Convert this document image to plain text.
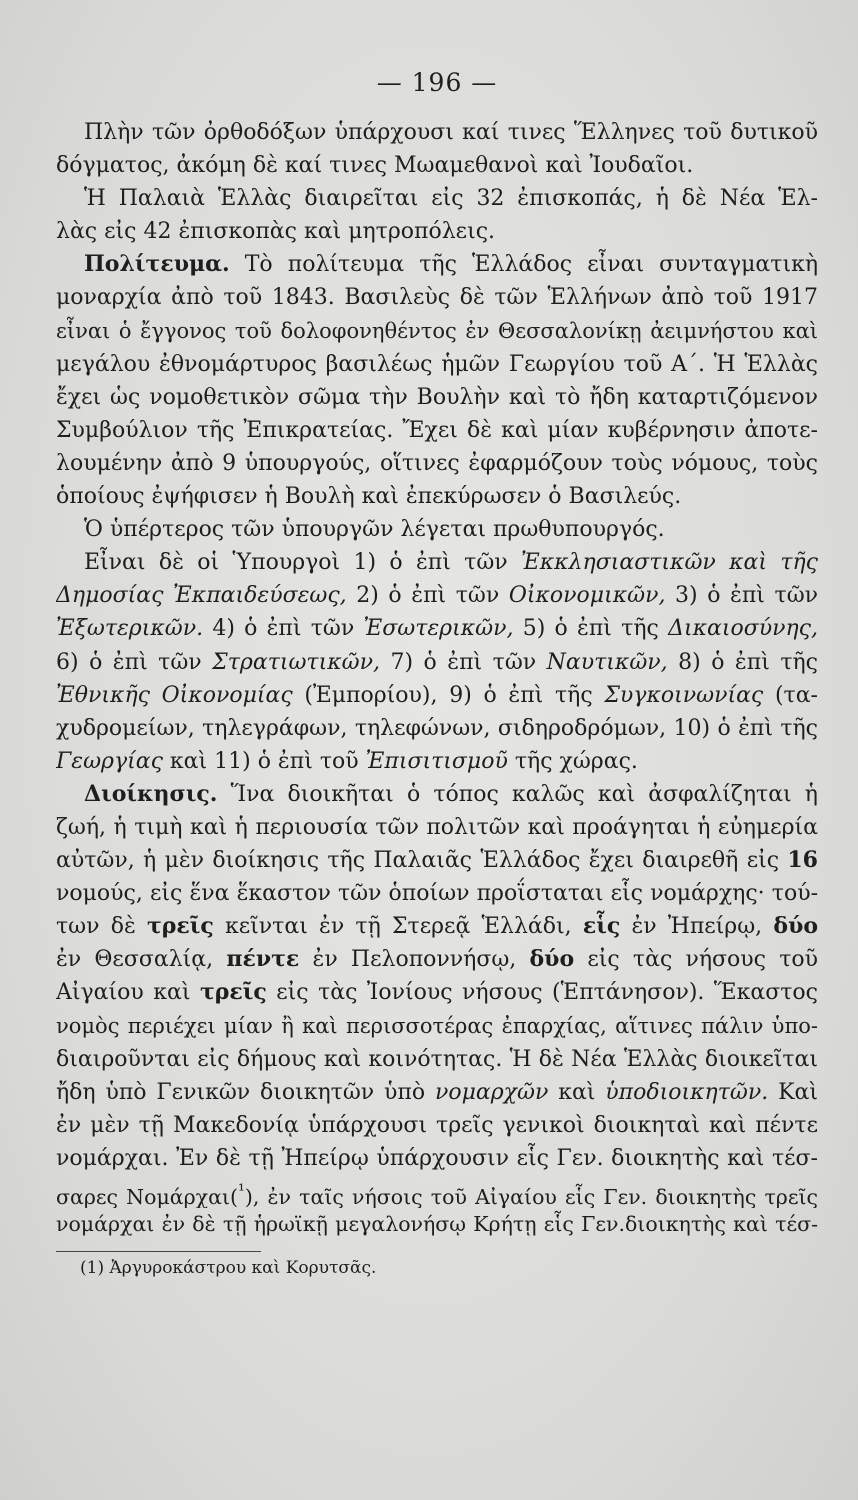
— 196 —
Πλὴν τῶν ὀρθοδόξων ὑπάρχουσι καί τινες Ἕλληνες τοῦ δυτικοῦ
δόγματος, ἀκόμη δὲ καί τινες Μωαμεθανοὶ καὶ Ἰουδαῖοι.
Ἡ Παλαιὰ Ἑλλὰς διαιρεῖται εἰς 32 ἐπισκοπάς, ἡ δὲ Νέα Ἑλ-
λὰς εἰς 42 ἐπισκοπὰς καὶ μητροπόλεις.
Πολίτευμα. Τὸ πολίτευμα τῆς Ἑλλάδος εἶναι συνταγματικὴ
μοναρχία ἀπὸ τοῦ 1843. Βασιλεὺς δὲ τῶν Ἑλλήνων ἀπὸ τοῦ 1917
εἶναι ὁ ἔγγονος τοῦ δολοφονηθέντος ἐν Θεσσαλονίκῃ ἀειμνήστου καὶ
μεγάλου ἐθνομάρτυρος βασιλέως ἡμῶν Γεωργίου τοῦ Α΄. Ἡ Ἑλλὰς
ἔχει ὡς νομοθετικὸν σῶμα τὴν Βουλὴν καὶ τὸ ἤδη καταρτιζόμενον
Συμβούλιον τῆς Ἐπικρατείας. Ἔχει δὲ καὶ μίαν κυβέρνησιν ἀποτε-
λουμένην ἀπὸ 9 ὑπουργούς, οἵτινες ἐφαρμόζουν τοὺς νόμους, τοὺς
ὁποίους ἐψήφισεν ἡ Βουλὴ καὶ ἐπεκύρωσεν ὁ Βασιλεύς.
Ὁ ὑπέρτερος τῶν ὑπουργῶν λέγεται πρωθυπουργός.
Εἶναι δὲ οἱ Ὑπουργοὶ 1) ὁ ἐπὶ τῶν Ἐκκλησιαστικῶν καὶ τῆς
Δημοσίας Ἐκπαιδεύσεως, 2) ὁ ἐπὶ τῶν Οἰκονομικῶν, 3) ὁ ἐπὶ τῶν
Ἐξωτερικῶν. 4) ὁ ἐπὶ τῶν Ἐσωτερικῶν, 5) ὁ ἐπὶ τῆς Δικαιοσύνης,
6) ὁ ἐπὶ τῶν Στρατιωτικῶν, 7) ὁ ἐπὶ τῶν Ναυτικῶν, 8) ὁ ἐπὶ τῆς
Ἐθνικῆς Οἰκονομίας (Ἐμπορίου), 9) ὁ ἐπὶ τῆς Συγκοινωνίας (τα-
χυδρομείων, τηλεγράφων, τηλεφώνων, σιδηροδρόμων, 10) ὁ ἐπὶ τῆς
Γεωργίας καὶ 11) ὁ ἐπὶ τοῦ Ἐπισιτισμοῦ τῆς χώρας.
Διοίκησις. Ἵνα διοικῆται ὁ τόπος καλῶς καὶ ἀσφαλίζηται ἡ
ζωή, ἡ τιμὴ καὶ ἡ περιουσία τῶν πολιτῶν καὶ προάγηται ἡ εὐημερία
αὐτῶν, ἡ μὲν διοίκησις τῆς Παλαιᾶς Ἑλλάδος ἔχει διαιρεθῆ εἰς 16
νομούς, εἰς ἕνα ἕκαστον τῶν ὁποίων προΐσταται εἷς νομάρχης· τού-
των δὲ τρεῖς κεῖνται ἐν τῇ Στερεᾷ Ἑλλάδι, εἷς ἐν Ἠπείρῳ, δύο
ἐν Θεσσαλίᾳ, πέντε ἐν Πελοποννήσῳ, δύο εἰς τὰς νήσους τοῦ
Αἰγαίου καὶ τρεῖς εἰς τὰς Ἰονίους νήσους (Ἑπτάνησον). Ἕκαστος
νομὸς περιέχει μίαν ἢ καὶ περισσοτέρας ἐπαρχίας, αἵτινες πάλιν ὑπο-
διαιροῦνται εἰς δήμους καὶ κοινότητας. Ἡ δὲ Νέα Ἑλλὰς διοικεῖται
ἤδη ὑπὸ Γενικῶν διοικητῶν ὑπὸ νομαρχῶν καὶ ὑποδιοικητῶν. Καὶ
ἐν μὲν τῇ Μακεδονίᾳ ὑπάρχουσι τρεῖς γενικοὶ διοικηταὶ καὶ πέντε
νομάρχαι. Ἐν δὲ τῇ Ἠπείρῳ ὑπάρχουσιν εἷς Γεν. διοικητὴς καὶ τέσ-
σαρες Νομάρχαι($^{^1}$), ἐν ταῖς νήσοις τοῦ Αἰγαίου εἷς Γεν. διοικητὴς τρεῖς
νομάρχαι ἐν δὲ τῇ ἡρωϊκῇ μεγαλονήσῳ Κρήτῃ εἷς Γεν.διοικητὴς καὶ τέσ-
(1) Ἀργυροκάστρου καὶ Κορυτσᾶς.
